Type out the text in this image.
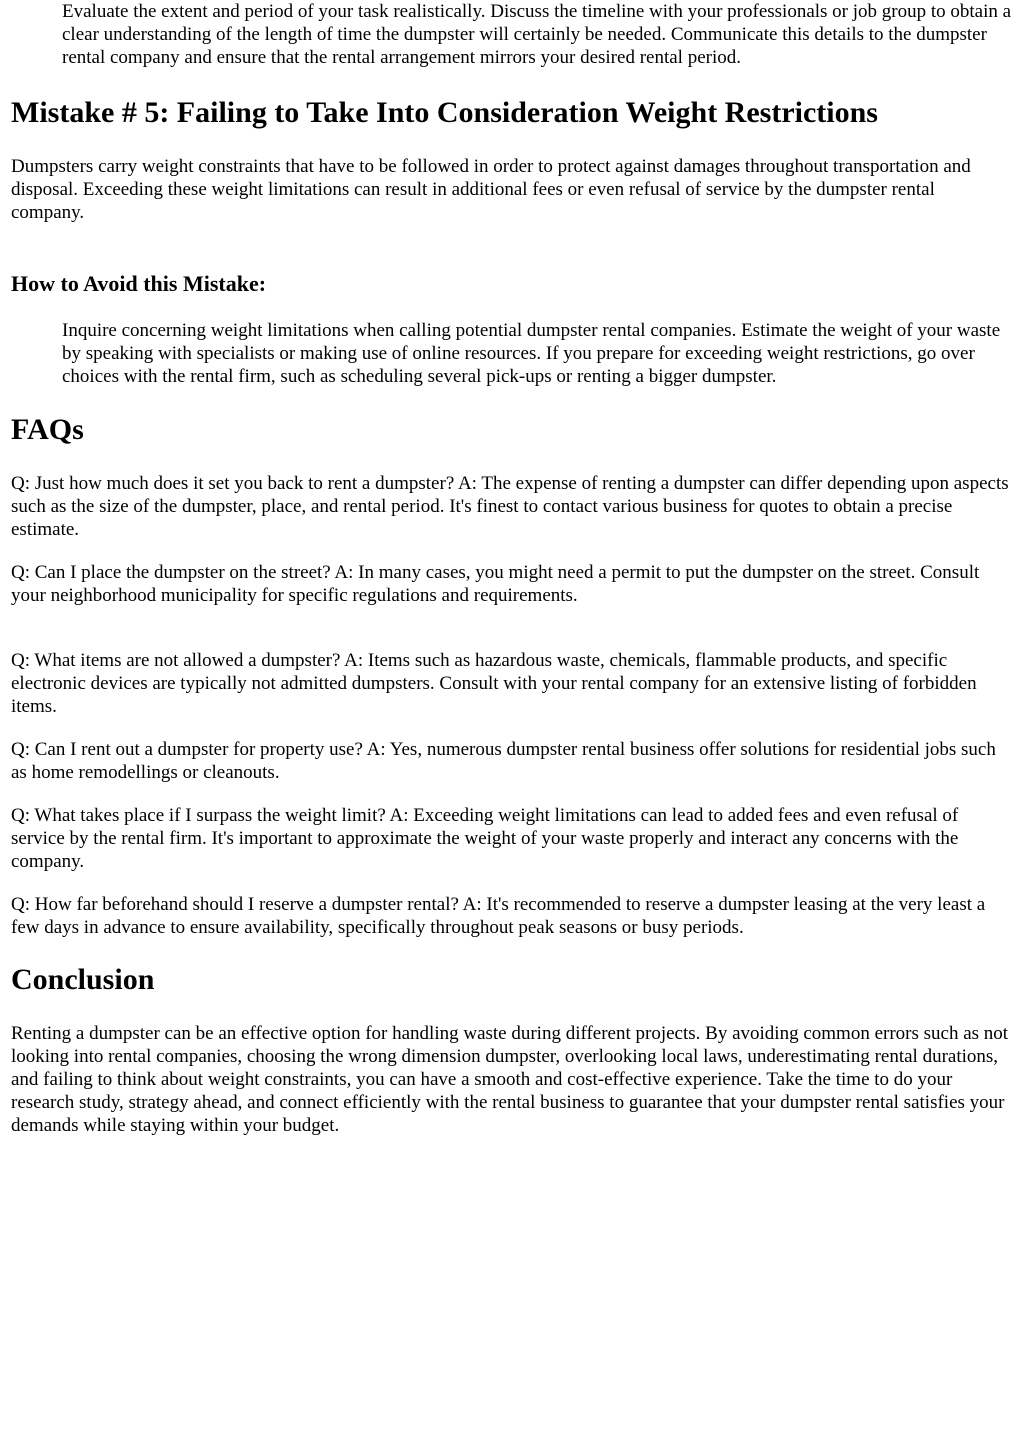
Evaluate the extent and period of your task realistically. Discuss the timeline with your professionals or job group to obtain a clear understanding of the length of time the dumpster will certainly be needed. Communicate this details to the dumpster rental company and ensure that the rental arrangement mirrors your desired rental period.

Mistake # 5: Failing to Take Into Consideration Weight Restrictions

Dumpsters carry weight constraints that have to be followed in order to protect against damages throughout transportation and disposal. Exceeding these weight limitations can result in additional fees or even refusal of service by the dumpster rental company.

How to Avoid this Mistake:

Inquire concerning weight limitations when calling potential dumpster rental companies. Estimate the weight of your waste by speaking with specialists or making use of online resources. If you prepare for exceeding weight restrictions, go over choices with the rental firm, such as scheduling several pick-ups or renting a bigger dumpster.

FAQs

Q: Just how much does it set you back to rent a dumpster? A: The expense of renting a dumpster can differ depending upon aspects such as the size of the dumpster, place, and rental period. It's finest to contact various business for quotes to obtain a precise estimate.

Q: Can I place the dumpster on the street? A: In many cases, you might need a permit to put the dumpster on the street. Consult your neighborhood municipality for specific regulations and requirements.

Q: What items are not allowed a dumpster? A: Items such as hazardous waste, chemicals, flammable products, and specific electronic devices are typically not admitted dumpsters. Consult with your rental company for an extensive listing of forbidden items.

Q: Can I rent out a dumpster for property use? A: Yes, numerous dumpster rental business offer solutions for residential jobs such as home remodellings or cleanouts.

Q: What takes place if I surpass the weight limit? A: Exceeding weight limitations can lead to added fees and even refusal of service by the rental firm. It's important to approximate the weight of your waste properly and interact any concerns with the company.

Q: How far beforehand should I reserve a dumpster rental? A: It's recommended to reserve a dumpster leasing at the very least a few days in advance to ensure availability, specifically throughout peak seasons or busy periods.

Conclusion

Renting a dumpster can be an effective option for handling waste during different projects. By avoiding common errors such as not looking into rental companies, choosing the wrong dimension dumpster, overlooking local laws, underestimating rental durations, and failing to think about weight constraints, you can have a smooth and cost-effective experience. Take the time to do your research study, strategy ahead, and connect efficiently with the rental business to guarantee that your dumpster rental satisfies your demands while staying within your budget.
